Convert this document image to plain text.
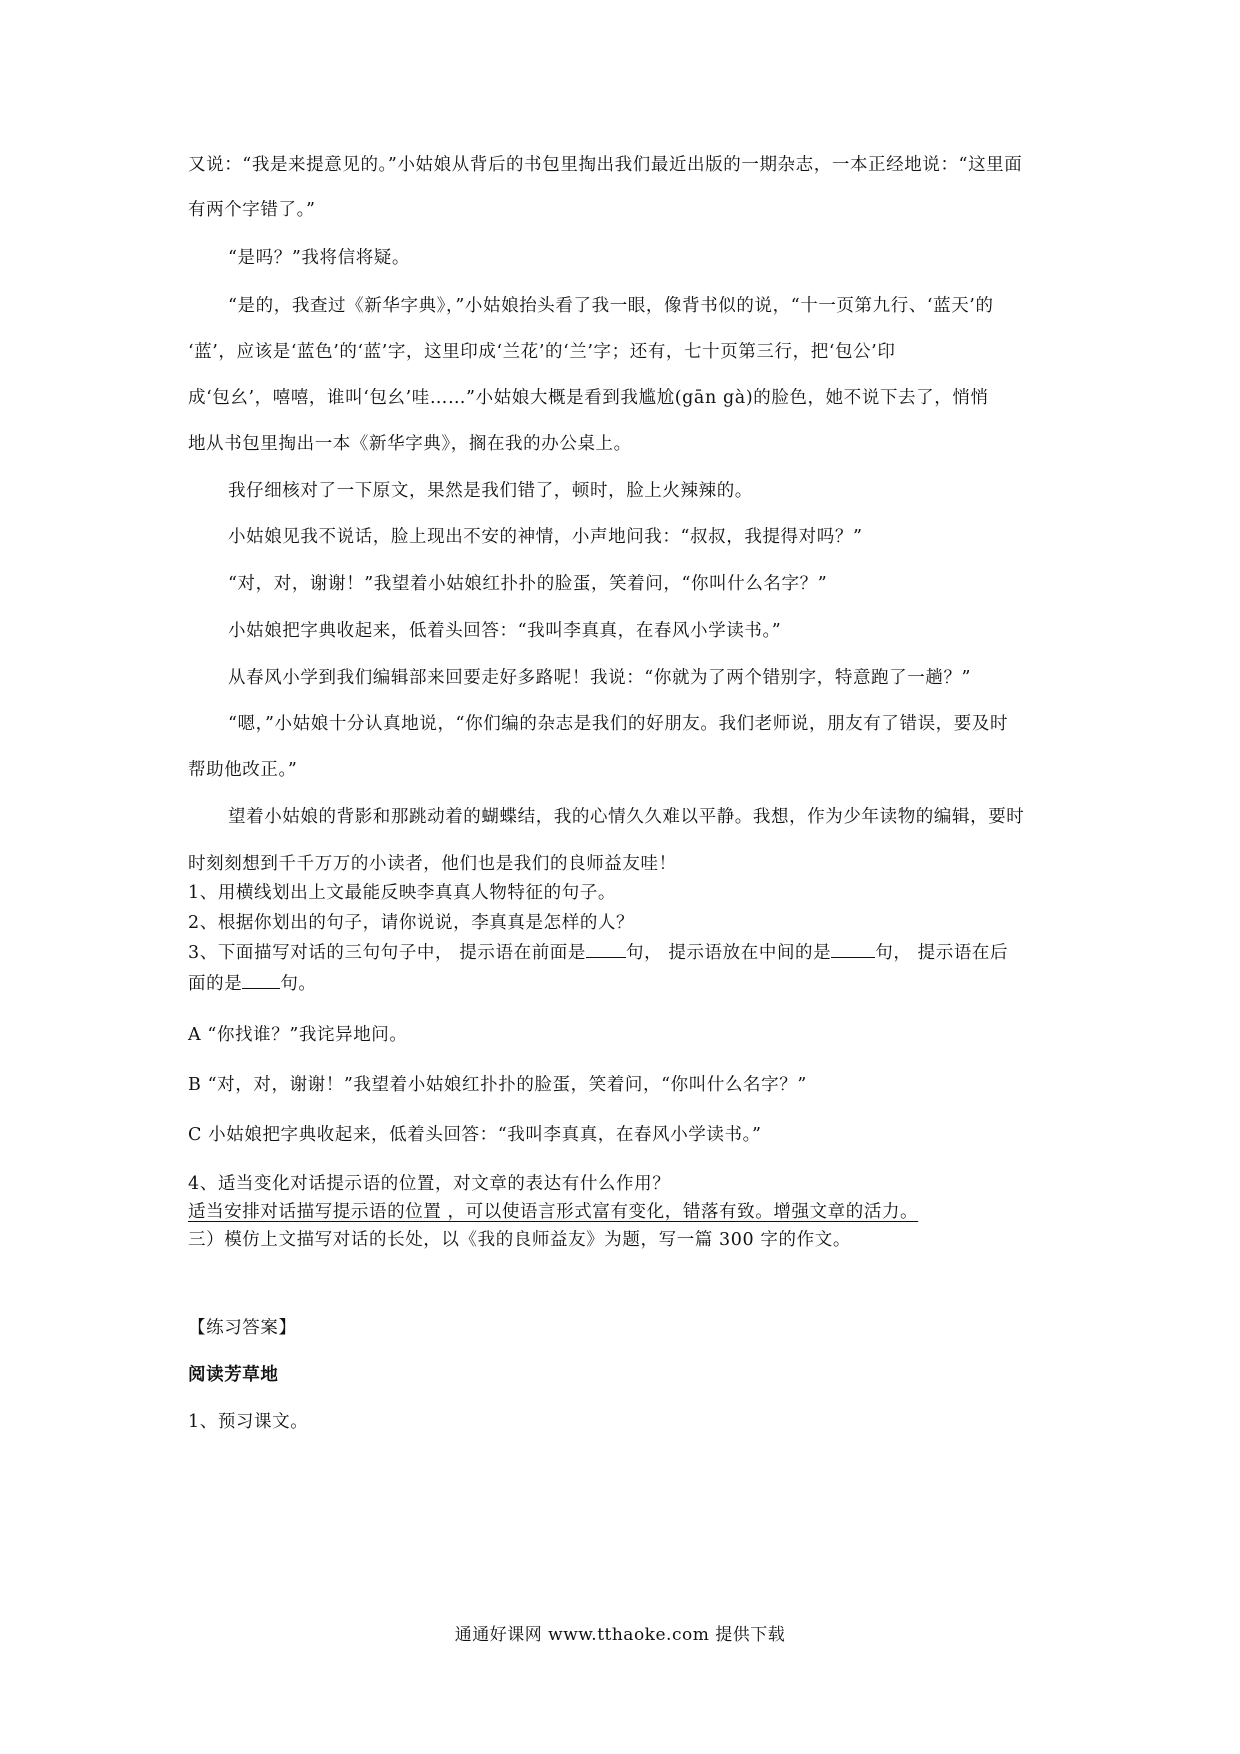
又说：“我是来提意见的。”小姑娘从背后的书包里掏出我们最近出版的一期杂志，一本正经地说：“这里面
有两个字错了。”
“是吗？”我将信将疑。
“是的，我查过《新华字典》，”小姑娘抬头看了我一眼，像背书似的说，“十一页第九行、‘蓝天’的
‘蓝’，应该是‘蓝色’的‘蓝’字，这里印成‘兰花’的‘兰’字；还有，七十页第三行，把‘包公’印
成‘包幺’，嘻嘻，谁叫‘包幺’哇……”小姑娘大概是看到我尴尬(gān gà)的脸色，她不说下去了，悄悄
地从书包里掏出一本《新华字典》，搁在我的办公桌上。
我仔细核对了一下原文，果然是我们错了，顿时，脸上火辣辣的。
小姑娘见我不说话，脸上现出不安的神情，小声地问我：“叔叔，我提得对吗？”
“对，对，谢谢！”我望着小姑娘红扑扑的脸蛋，笑着问，“你叫什么名字？”
小姑娘把字典收起来，低着头回答：“我叫李真真，在春风小学读书。”
从春风小学到我们编辑部来回要走好多路呢！我说：“你就为了两个错别字，特意跑了一趟？”
“嗯，”小姑娘十分认真地说，“你们编的杂志是我们的好朋友。我们老师说，朋友有了错误，要及时
帮助他改正。”
望着小姑娘的背影和那跳动着的蝴蝶结，我的心情久久难以平静。我想，作为少年读物的编辑，要时
时刻刻想到千千万万的小读者，他们也是我们的良师益友哇！
1、用横线划出上文最能反映李真真人物特征的句子。
2、根据你划出的句子，请你说说，李真真是怎样的人？
3、下面描写对话的三句句子中， 提示语在前面是 句， 提示语放在中间的是	句， 提示语在后
面的是 句。
A “你找谁？”我诧异地问。
B “对，对，谢谢！”我望着小姑娘红扑扑的脸蛋，笑着问，“你叫什么名字？”
C 小姑娘把字典收起来，低着头回答：“我叫李真真，在春风小学读书。”
4、适当变化对话提示语的位置，对文章的表达有什么作用？
适当安排对话描写提示语的位置 ，可以使语言形式富有变化，错落有致。增强文章的活力。
三）模仿上文描写对话的长处，以《我的良师益友》为题，写一篇 300 字的作文。
【练习答案】
阅读芳草地
1、预习课文。
通通好课网 www.tthaoke.com 提供下载
